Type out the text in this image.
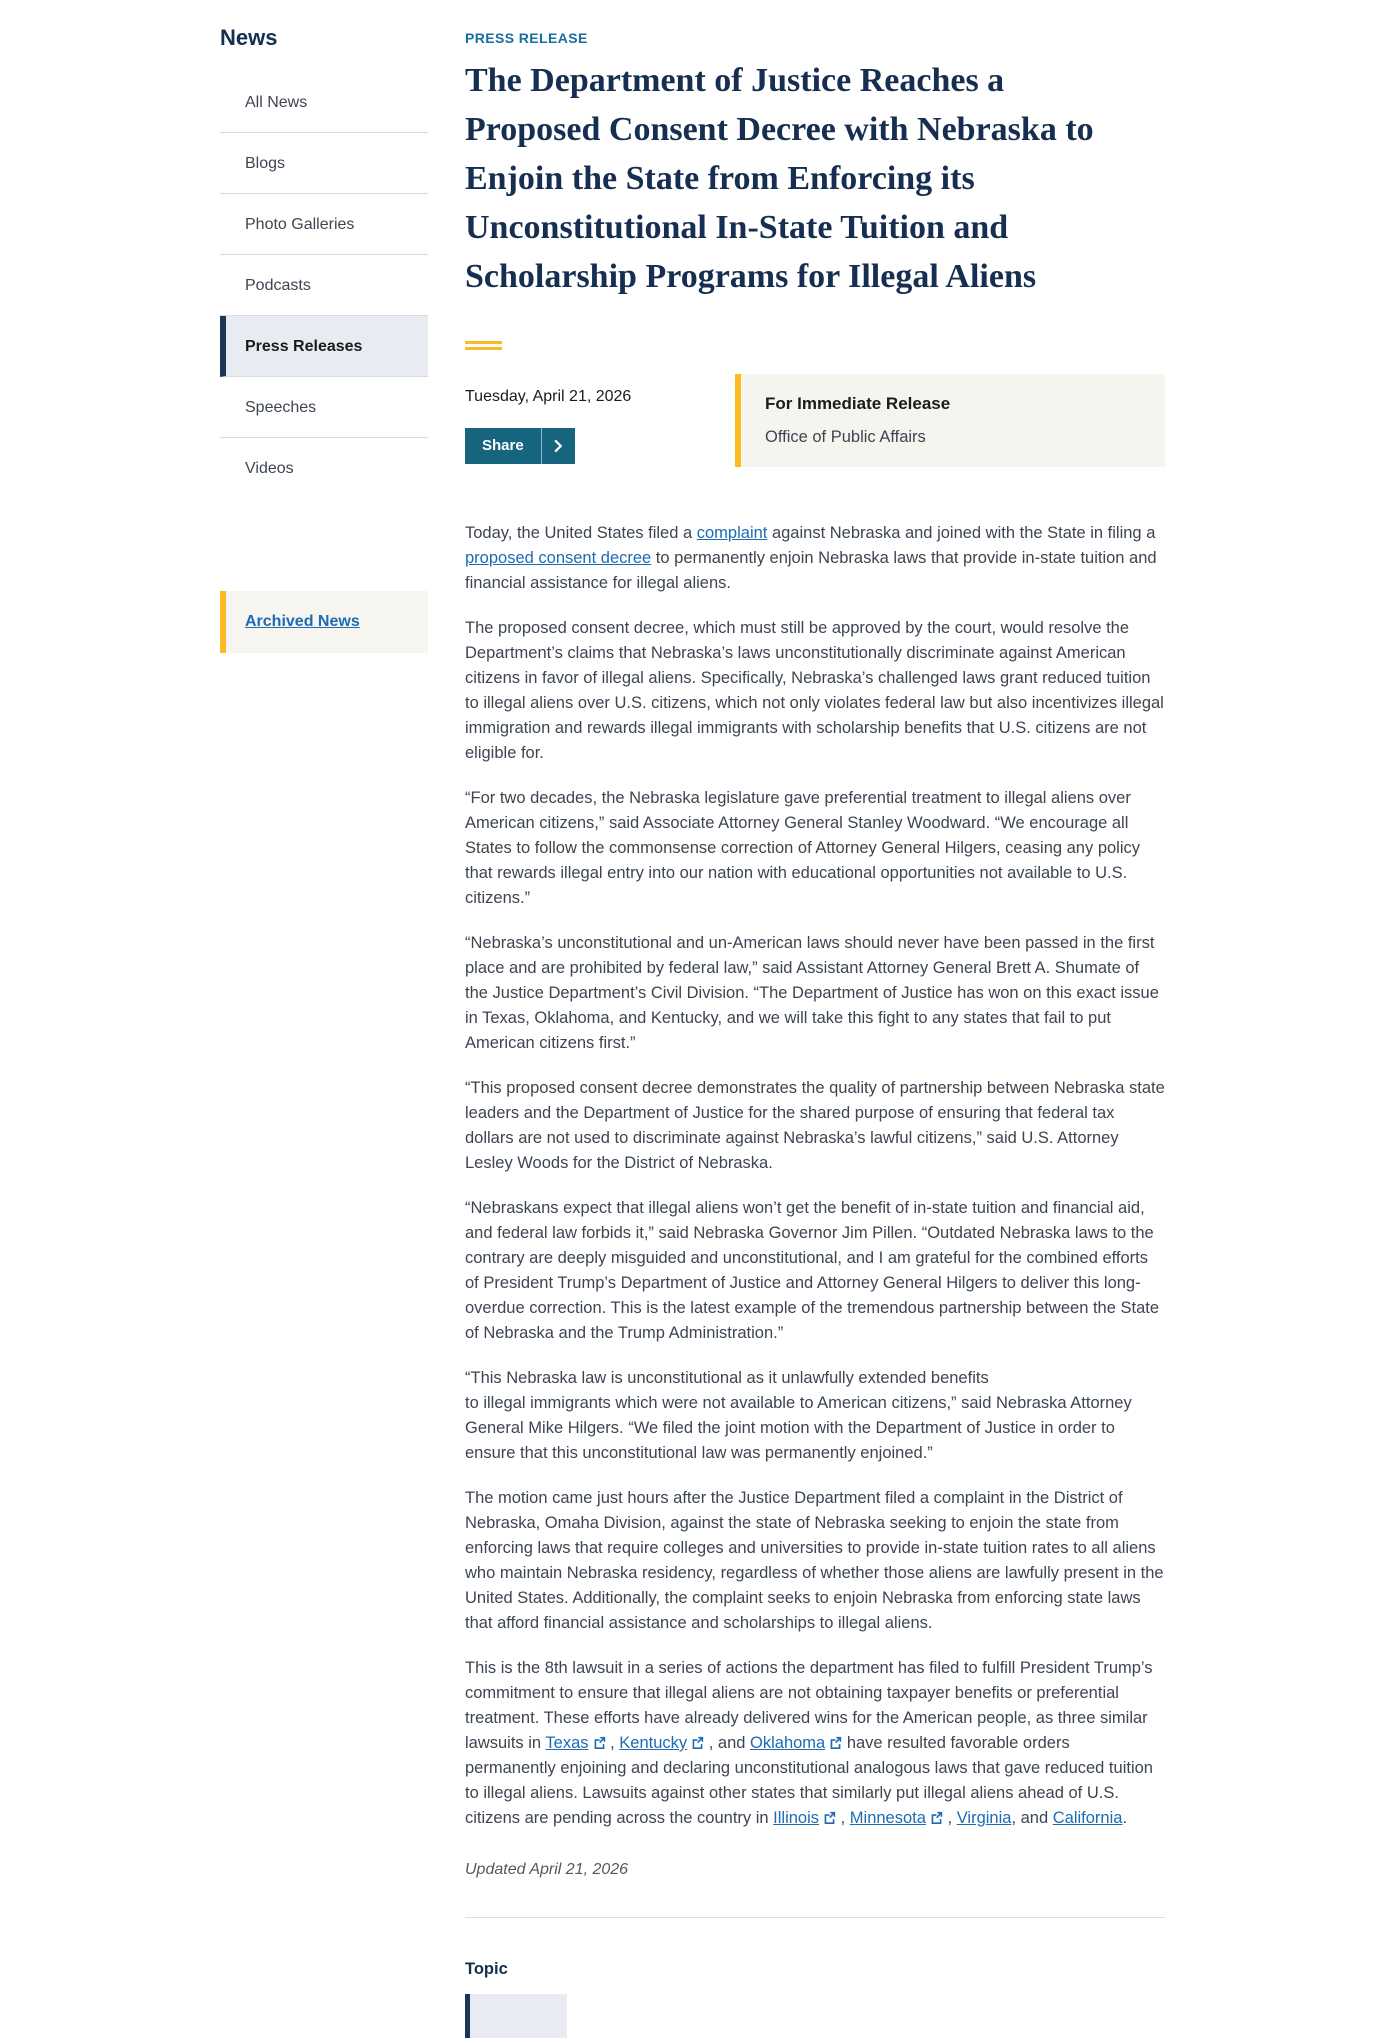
News
All News
Blogs
Photo Galleries
Podcasts
Press Releases
Speeches
Videos
Archived News
PRESS RELEASE
The Department of Justice Reaches a Proposed Consent Decree with Nebraska to Enjoin the State from Enforcing its Unconstitutional In-State Tuition and Scholarship Programs for Illegal Aliens
Tuesday, April 21, 2026
Share
For Immediate Release
Office of Public Affairs

Today, the United States filed a complaint against Nebraska and joined with the State in filing a proposed consent decree to permanently enjoin Nebraska laws that provide in-state tuition and financial assistance for illegal aliens.

The proposed consent decree, which must still be approved by the court, would resolve the Department’s claims that Nebraska’s laws unconstitutionally discriminate against American citizens in favor of illegal aliens. Specifically, Nebraska’s challenged laws grant reduced tuition to illegal aliens over U.S. citizens, which not only violates federal law but also incentivizes illegal immigration and rewards illegal immigrants with scholarship benefits that U.S. citizens are not eligible for.

“For two decades, the Nebraska legislature gave preferential treatment to illegal aliens over American citizens,” said Associate Attorney General Stanley Woodward. “We encourage all States to follow the commonsense correction of Attorney General Hilgers, ceasing any policy that rewards illegal entry into our nation with educational opportunities not available to U.S. citizens.”

“Nebraska’s unconstitutional and un-American laws should never have been passed in the first place and are prohibited by federal law,” said Assistant Attorney General Brett A. Shumate of the Justice Department’s Civil Division. “The Department of Justice has won on this exact issue in Texas, Oklahoma, and Kentucky, and we will take this fight to any states that fail to put American citizens first.”

“This proposed consent decree demonstrates the quality of partnership between Nebraska state leaders and the Department of Justice for the shared purpose of ensuring that federal tax dollars are not used to discriminate against Nebraska’s lawful citizens,” said U.S. Attorney Lesley Woods for the District of Nebraska.

“Nebraskans expect that illegal aliens won’t get the benefit of in-state tuition and financial aid, and federal law forbids it,” said Nebraska Governor Jim Pillen. “Outdated Nebraska laws to the contrary are deeply misguided and unconstitutional, and I am grateful for the combined efforts of President Trump’s Department of Justice and Attorney General Hilgers to deliver this long-overdue correction. This is the latest example of the tremendous partnership between the State of Nebraska and the Trump Administration.”

“This Nebraska law is unconstitutional as it unlawfully extended benefits
to illegal immigrants which were not available to American citizens,” said Nebraska Attorney General Mike Hilgers. “We filed the joint motion with the Department of Justice in order to ensure that this unconstitutional law was permanently enjoined.”

The motion came just hours after the Justice Department filed a complaint in the District of Nebraska, Omaha Division, against the state of Nebraska seeking to enjoin the state from enforcing laws that require colleges and universities to provide in-state tuition rates to all aliens who maintain Nebraska residency, regardless of whether those aliens are lawfully present in the United States. Additionally, the complaint seeks to enjoin Nebraska from enforcing state laws that afford financial assistance and scholarships to illegal aliens.

This is the 8th lawsuit in a series of actions the department has filed to fulfill President Trump’s commitment to ensure that illegal aliens are not obtaining taxpayer benefits or preferential treatment. These efforts have already delivered wins for the American people, as three similar lawsuits in Texas , Kentucky , and Oklahoma have resulted favorable orders permanently enjoining and declaring unconstitutional analogous laws that gave reduced tuition to illegal aliens. Lawsuits against other states that similarly put illegal aliens ahead of U.S. citizens are pending across the country in Illinois , Minnesota , Virginia, and California.

Updated April 21, 2026
Topic
